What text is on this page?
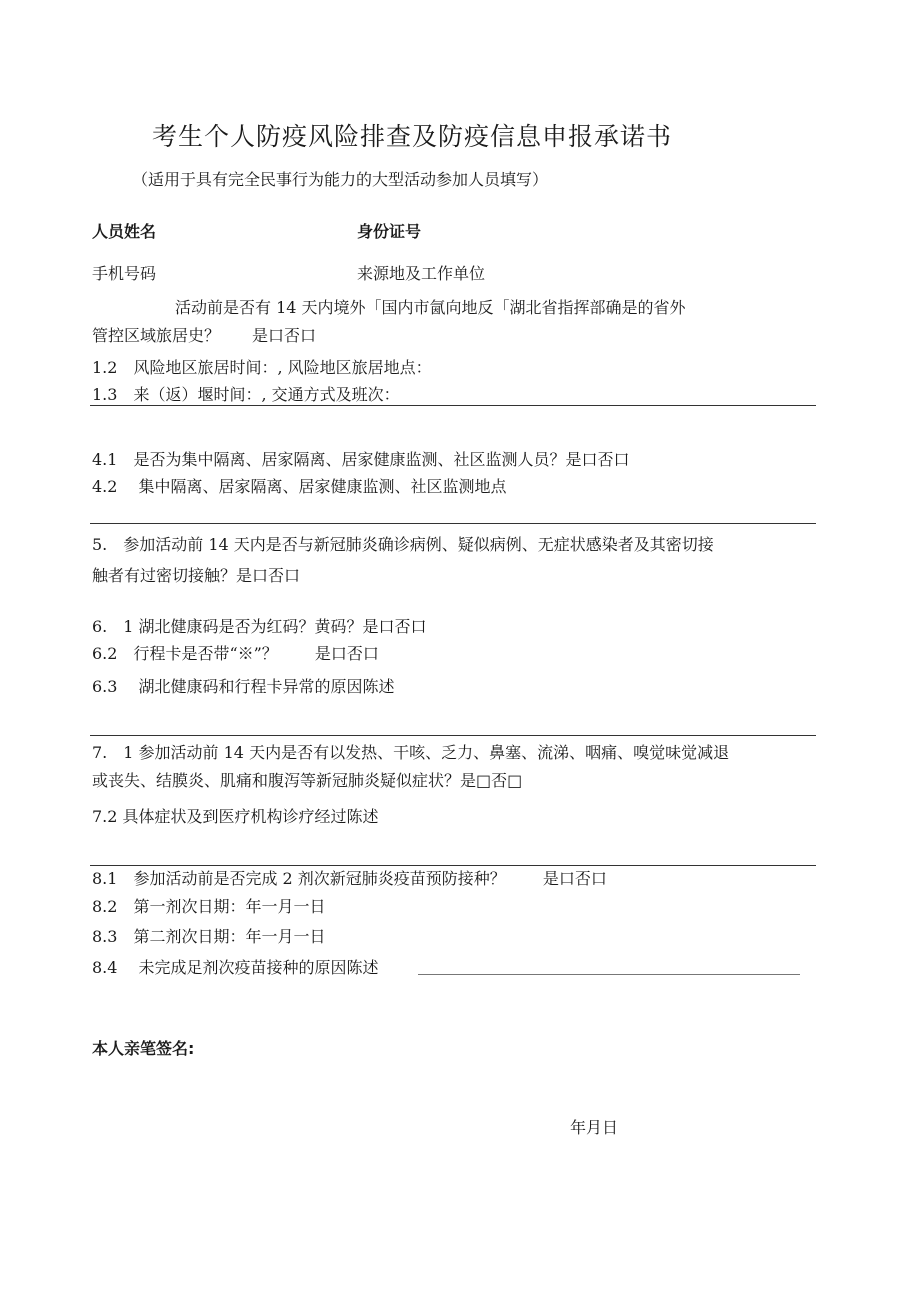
考生个人防疫风险排查及防疫信息申报承诺书
（适用于具有完全民事行为能力的大型活动参加人员填写）
人员姓名	身份证号
手机号码	来源地及工作单位
活动前是否有 14 天内境外「国内市氤向地反「湖北省指挥部确是的省外
管控区域旅居史？　　是口否口
1.2　风险地区旅居时间：, 风险地区旅居地点：
1.3　来（返）堰时间：, 交通方式及班次：
4.1　是否为集中隔离、居家隔离、居家健康监测、社区监测人员？是口否口
4.2　 集中隔离、居家隔离、居家健康监测、社区监测地点
5.　参加活动前 14 天内是否与新冠肺炎确诊病例、疑似病例、无症状感染者及其密切接
触者有过密切接触？是口否口
6.　1 湖北健康码是否为红码？黄码？是口否口
6.2　行程卡是否带“※”？　　 是口否口
6.3　 湖北健康码和行程卡异常的原因陈述
7.　1 参加活动前 14 天内是否有以发热、干咳、乏力、鼻塞、流涕、咽痛、嗅觉味觉减退
或丧失、结膜炎、肌痛和腹泻等新冠肺炎疑似症状？是□否□
7.2 具体症状及到医疗机构诊疗经过陈述
8.1　参加活动前是否完成 2 剂次新冠肺炎疫苗预防接种？　　 是口否口
8.2　第一剂次日期：年一月一日
8.3　第二剂次日期：年一月一日
8.4　 未完成足剂次疫苗接种的原因陈述
本人亲笔签名:
年月日
